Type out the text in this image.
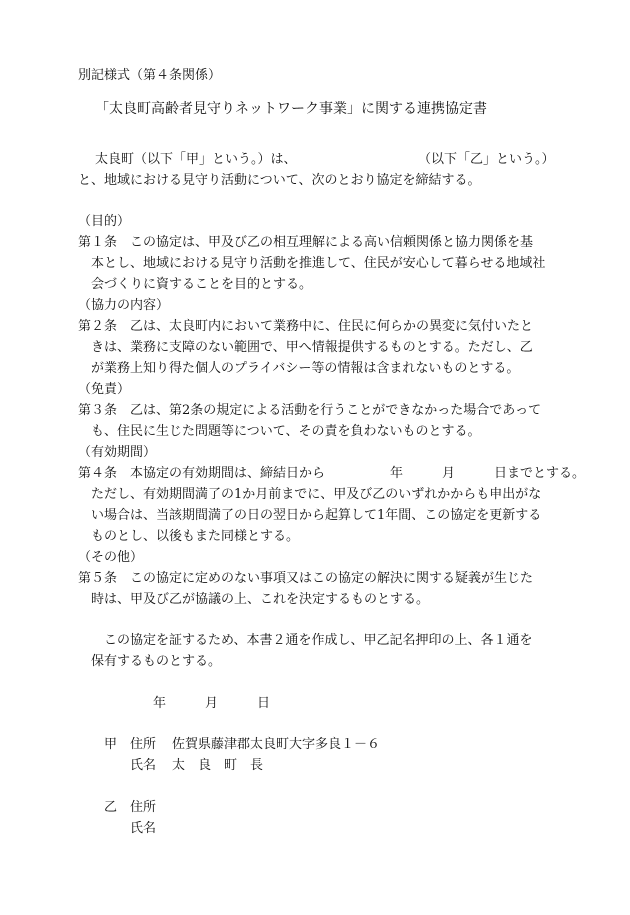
別記様式（第４条関係）
「太良町高齢者見守りネットワーク事業」に関する連携協定書
太良町（以下「甲」という。）は、	（以下「乙」という。）
と、地域における見守り活動について、次のとおり協定を締結する。
（目的）
第１条　この協定は、甲及び乙の相互理解による高い信頼関係と協力関係を基
本とし、地域における見守り活動を推進して、住民が安心して暮らせる地域社
会づくりに資することを目的とする。
（協力の内容）
第２条　乙は、太良町内において業務中に、住民に何らかの異変に気付いたと
きは、業務に支障のない範囲で、甲へ情報提供するものとする。ただし、乙
が業務上知り得た個人のプライバシー等の情報は含まれないものとする。
（免責）
第３条　乙は、第2条の規定による活動を行うことができなかった場合であって
も、住民に生じた問題等について、その責を負わないものとする。
（有効期間）
第４条　本協定の有効期間は、締結日から　　　　　年　　　月　　　日までとする。
ただし、有効期間満了の1か月前までに、甲及び乙のいずれかからも申出がな
い場合は、当該期間満了の日の翌日から起算して1年間、この協定を更新する
ものとし、以後もまた同様とする。
（その他）
第５条　この協定に定めのない事項又はこの協定の解決に関する疑義が生じた
時は、甲及び乙が協議の上、これを決定するものとする。
この協定を証するため、本書２通を作成し、甲乙記名押印の上、各１通を
保有するものとする。
年　　　月　　　日
甲 住所 佐賀県藤津郡太良町大字多良１－６
氏名 太　良　町　長
乙 住所
氏名
